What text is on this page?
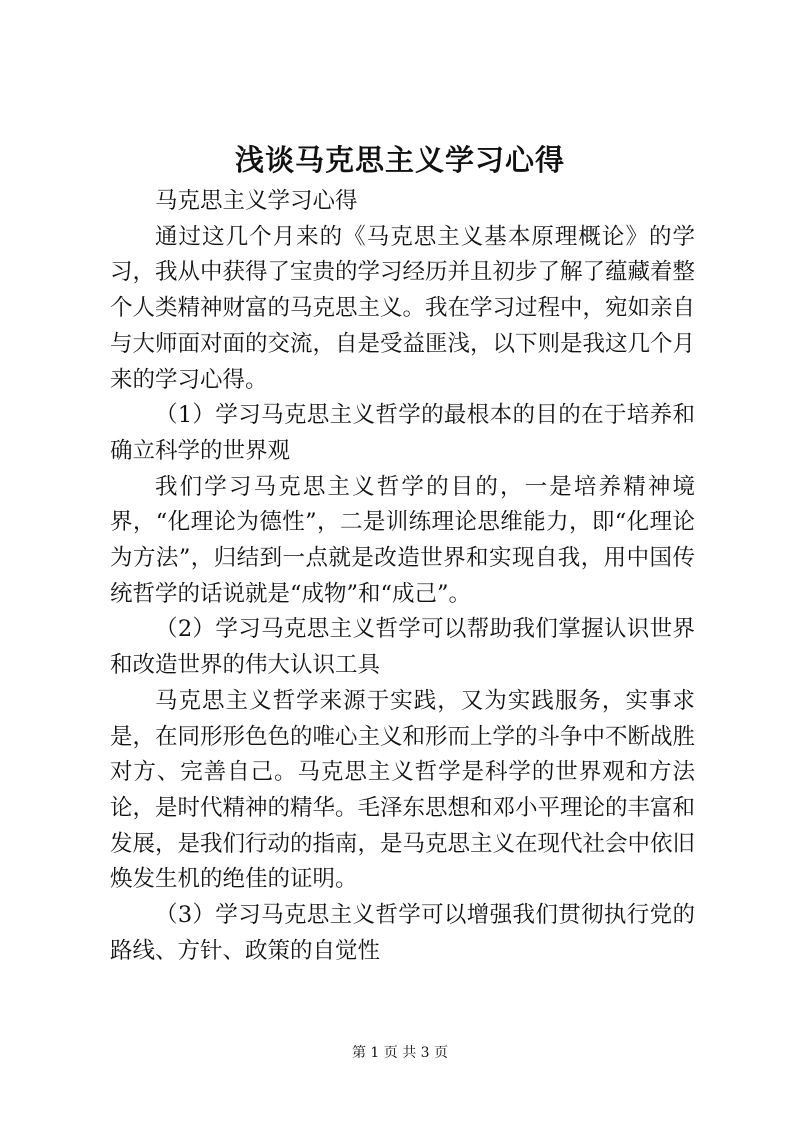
浅谈马克思主义学习心得

马克思主义学习心得

通过这几个月来的《马克思主义基本原理概论》的学习，我从中获得了宝贵的学习经历并且初步了解了蕴藏着整个人类精神财富的马克思主义。我在学习过程中，宛如亲自与大师面对面的交流，自是受益匪浅，以下则是我这几个月来的学习心得。

（1）学习马克思主义哲学的最根本的目的在于培养和确立科学的世界观

我们学习马克思主义哲学的目的，一是培养精神境界，“化理论为德性”，二是训练理论思维能力，即“化理论为方法”，归结到一点就是改造世界和实现自我，用中国传统哲学的话说就是“成物”和“成己”。

（2）学习马克思主义哲学可以帮助我们掌握认识世界和改造世界的伟大认识工具

马克思主义哲学来源于实践，又为实践服务，实事求是，在同形形色色的唯心主义和形而上学的斗争中不断战胜对方、完善自己。马克思主义哲学是科学的世界观和方法论，是时代精神的精华。毛泽东思想和邓小平理论的丰富和发展，是我们行动的指南，是马克思主义在现代社会中依旧焕发生机的绝佳的证明。

（3）学习马克思主义哲学可以增强我们贯彻执行党的路线、方针、政策的自觉性

第 1 页 共 3 页
